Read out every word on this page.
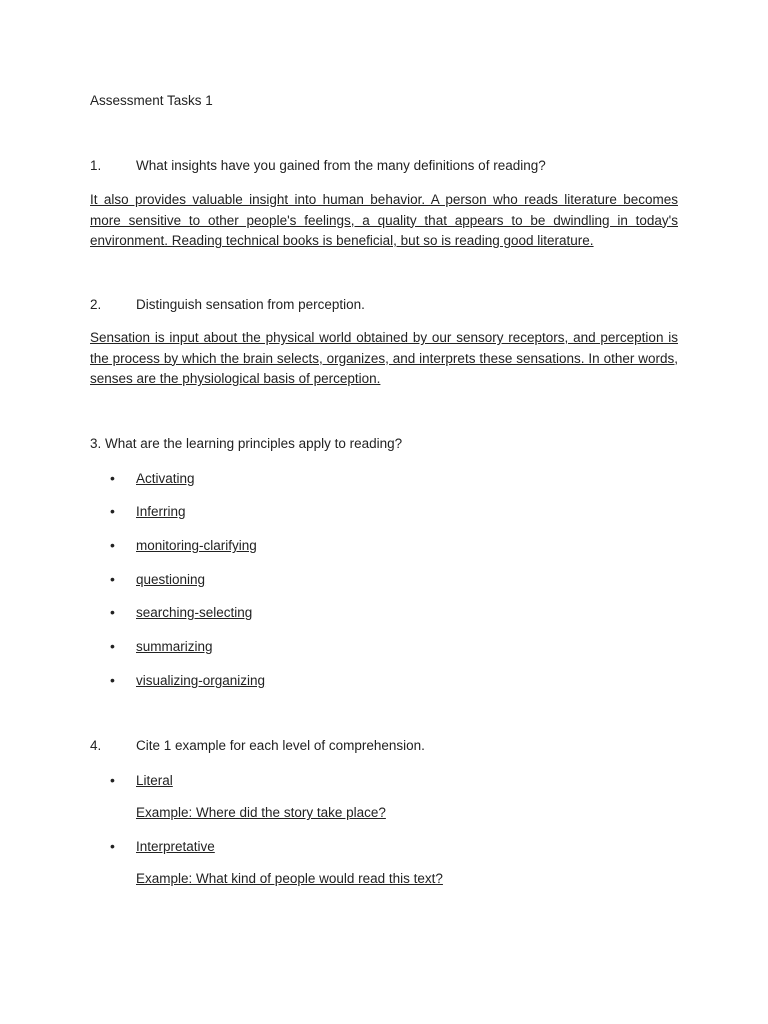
Assessment Tasks 1
1.	What insights have you gained from the many definitions of reading?
It also provides valuable insight into human behavior. A person who reads literature becomes more sensitive to other people's feelings, a quality that appears to be dwindling in today's environment. Reading technical books is beneficial, but so is reading good literature.
2.	Distinguish sensation from perception.
Sensation is input about the physical world obtained by our sensory receptors, and perception is the process by which the brain selects, organizes, and interprets these sensations. In other words, senses are the physiological basis of perception.
3. What are the learning principles apply to reading?
• Activating
• Inferring
• monitoring-clarifying
• questioning
• searching-selecting
• summarizing
• visualizing-organizing
4.	Cite 1 example for each level of comprehension.
• Literal
Example: Where did the story take place?
• Interpretative
Example: What kind of people would read this text?
